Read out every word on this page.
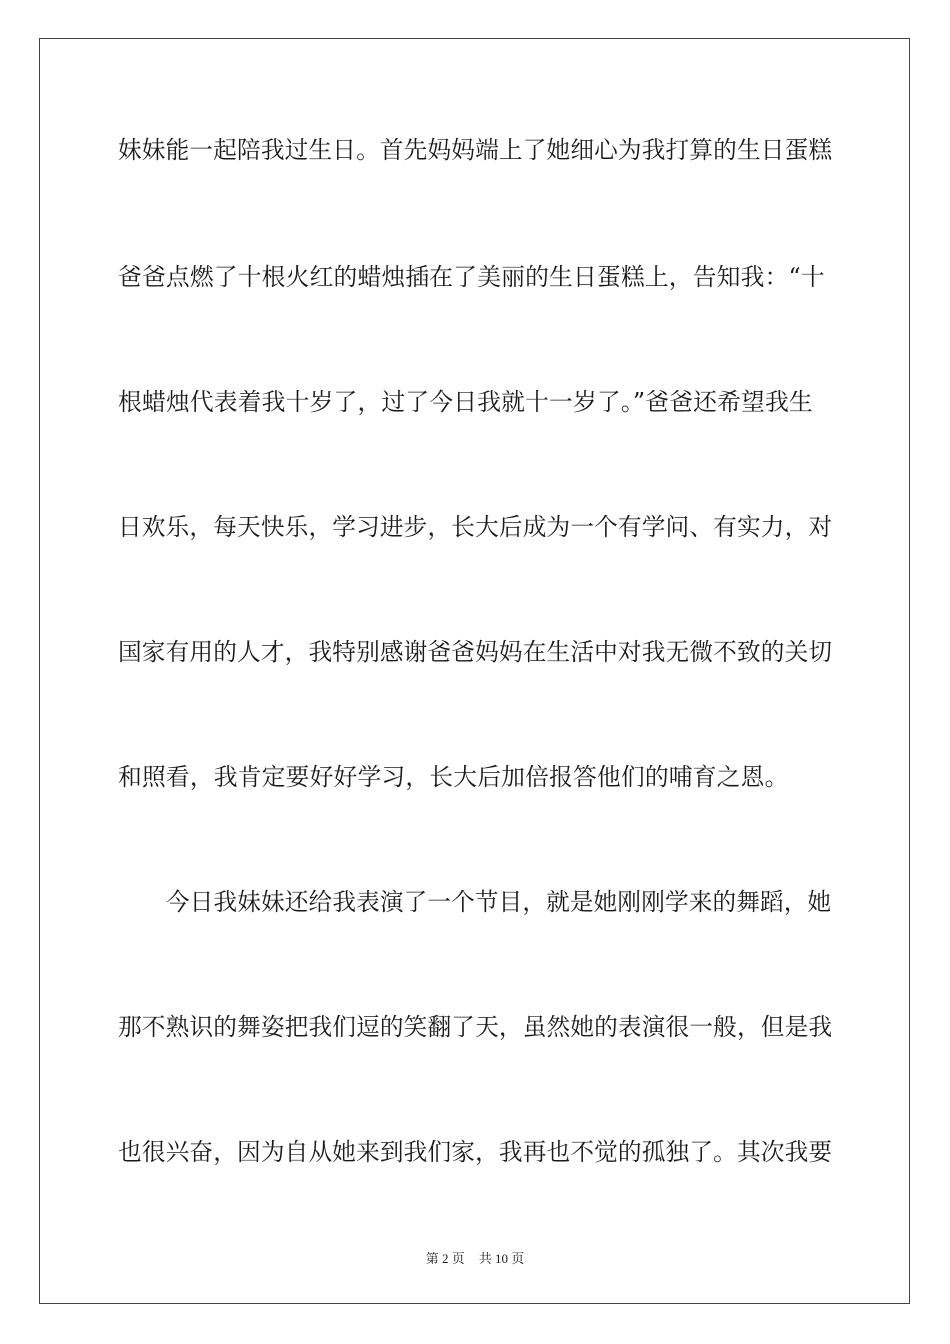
妹妹能一起陪我过生日。首先妈妈端上了她细心为我打算的生日蛋糕
爸爸点燃了十根火红的蜡烛插在了美丽的生日蛋糕上，告知我：“十
根蜡烛代表着我十岁了，过了今日我就十一岁了。”爸爸还希望我生
日欢乐，每天快乐，学习进步，长大后成为一个有学问、有实力，对
国家有用的人才，我特别感谢爸爸妈妈在生活中对我无微不致的关切
和照看，我肯定要好好学习，长大后加倍报答他们的哺育之恩。
今日我妹妹还给我表演了一个节目，就是她刚刚学来的舞蹈，她
那不熟识的舞姿把我们逗的笑翻了天，虽然她的表演很一般，但是我
也很兴奋，因为自从她来到我们家，我再也不觉的孤独了。其次我要
第 2 页 共 10 页
